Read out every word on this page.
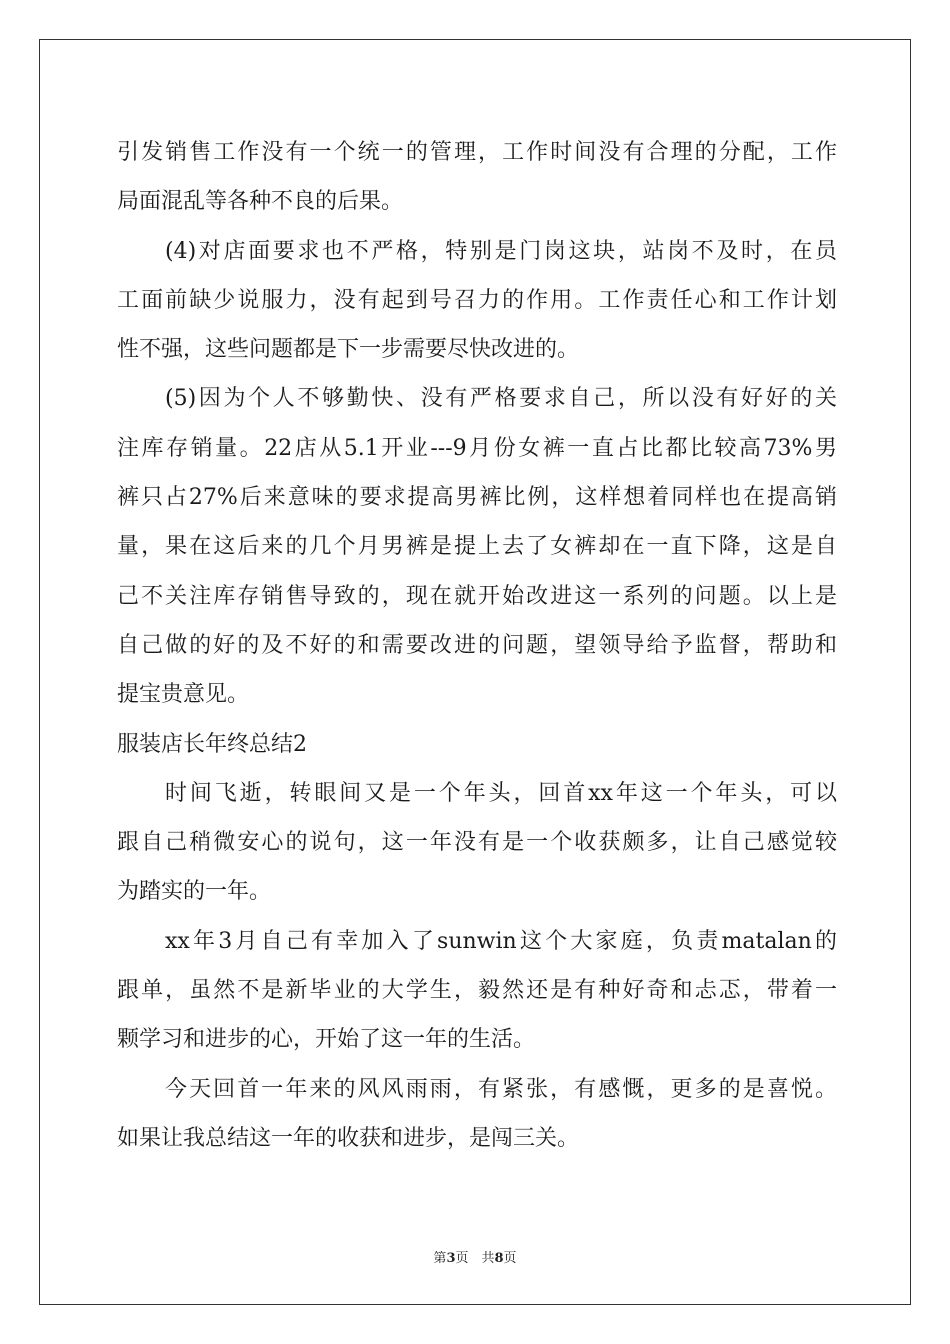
引发销售工作没有一个统一的管理，工作时间没有合理的分配，工作
局面混乱等各种不良的后果。
(4)对店面要求也不严格，特别是门岗这块，站岗不及时，在员
工面前缺少说服力，没有起到号召力的作用。工作责任心和工作计划
性不强，这些问题都是下一步需要尽快改进的。
(5)因为个人不够勤快、没有严格要求自己，所以没有好好的关
注库存销量。22店从5.1开业---9月份女裤一直占比都比较高73%男
裤只占27%后来意味的要求提高男裤比例，这样想着同样也在提高销
量，果在这后来的几个月男裤是提上去了女裤却在一直下降，这是自
己不关注库存销售导致的，现在就开始改进这一系列的问题。以上是
自己做的好的及不好的和需要改进的问题，望领导给予监督，帮助和
提宝贵意见。
服装店长年终总结2
时间飞逝，转眼间又是一个年头，回首xx年这一个年头，可以
跟自己稍微安心的说句，这一年没有是一个收获颇多，让自己感觉较
为踏实的一年。
xx年3月自己有幸加入了sunwin这个大家庭，负责matalan的
跟单，虽然不是新毕业的大学生，毅然还是有种好奇和忐忑，带着一
颗学习和进步的心，开始了这一年的生活。
今天回首一年来的风风雨雨，有紧张，有感慨，更多的是喜悦。
如果让我总结这一年的收获和进步，是闯三关。
第3页　共8页
